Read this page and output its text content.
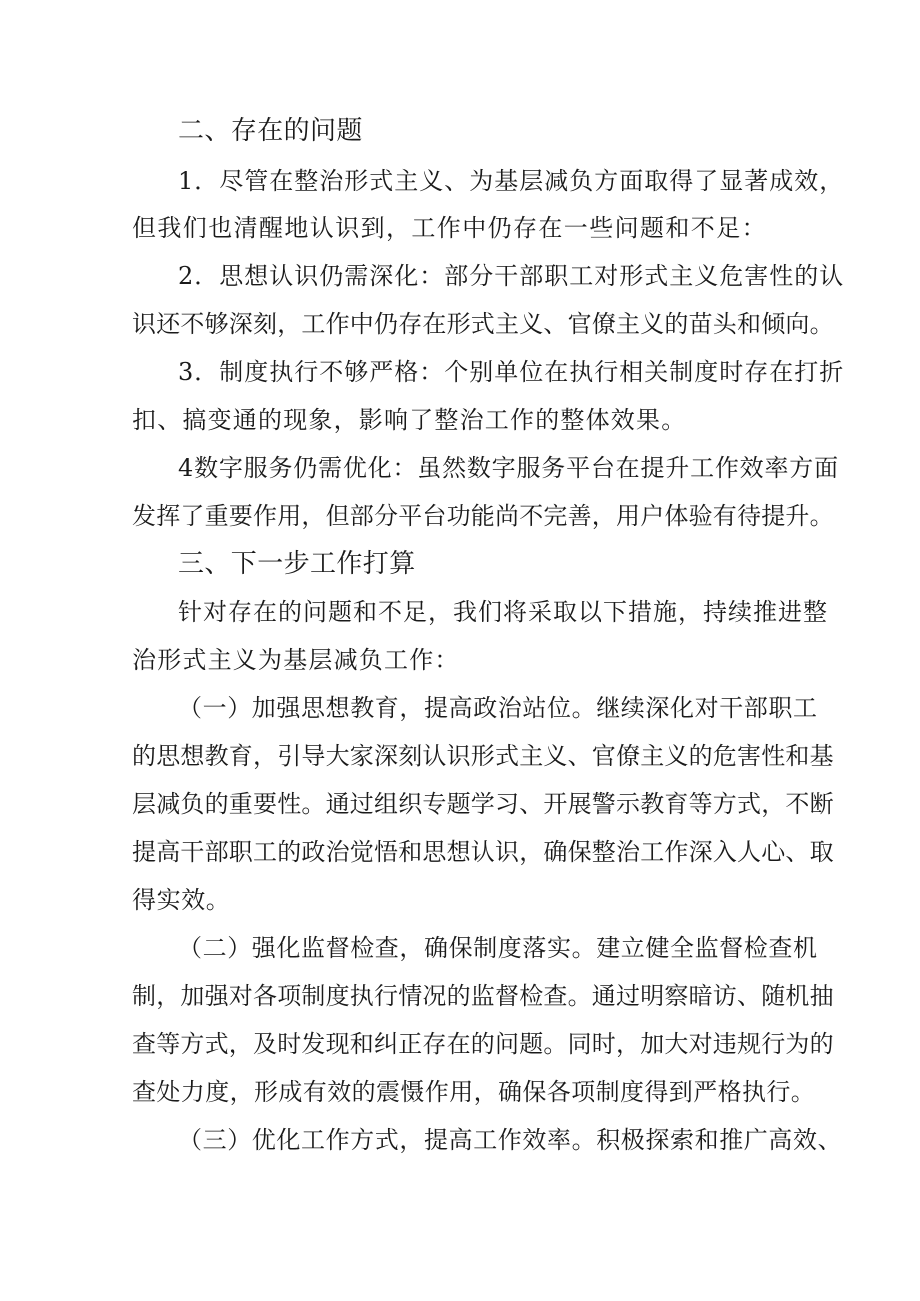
二、存在的问题
1．尽管在整治形式主义、为基层减负方面取得了显著成效，
但我们也清醒地认识到，工作中仍存在一些问题和不足：
2．思想认识仍需深化：部分干部职工对形式主义危害性的认
识还不够深刻，工作中仍存在形式主义、官僚主义的苗头和倾向。
3．制度执行不够严格：个别单位在执行相关制度时存在打折
扣、搞变通的现象，影响了整治工作的整体效果。
4数字服务仍需优化：虽然数字服务平台在提升工作效率方面
发挥了重要作用，但部分平台功能尚不完善，用户体验有待提升。
三、下一步工作打算
针对存在的问题和不足，我们将采取以下措施，持续推进整
治形式主义为基层减负工作：
（一）加强思想教育，提高政治站位。继续深化对干部职工
的思想教育，引导大家深刻认识形式主义、官僚主义的危害性和基
层减负的重要性。通过组织专题学习、开展警示教育等方式，不断
提高干部职工的政治觉悟和思想认识，确保整治工作深入人心、取
得实效。
（二）强化监督检查，确保制度落实。建立健全监督检查机
制，加强对各项制度执行情况的监督检查。通过明察暗访、随机抽
查等方式，及时发现和纠正存在的问题。同时，加大对违规行为的
查处力度，形成有效的震慑作用，确保各项制度得到严格执行。
（三）优化工作方式，提高工作效率。积极探索和推广高效、
